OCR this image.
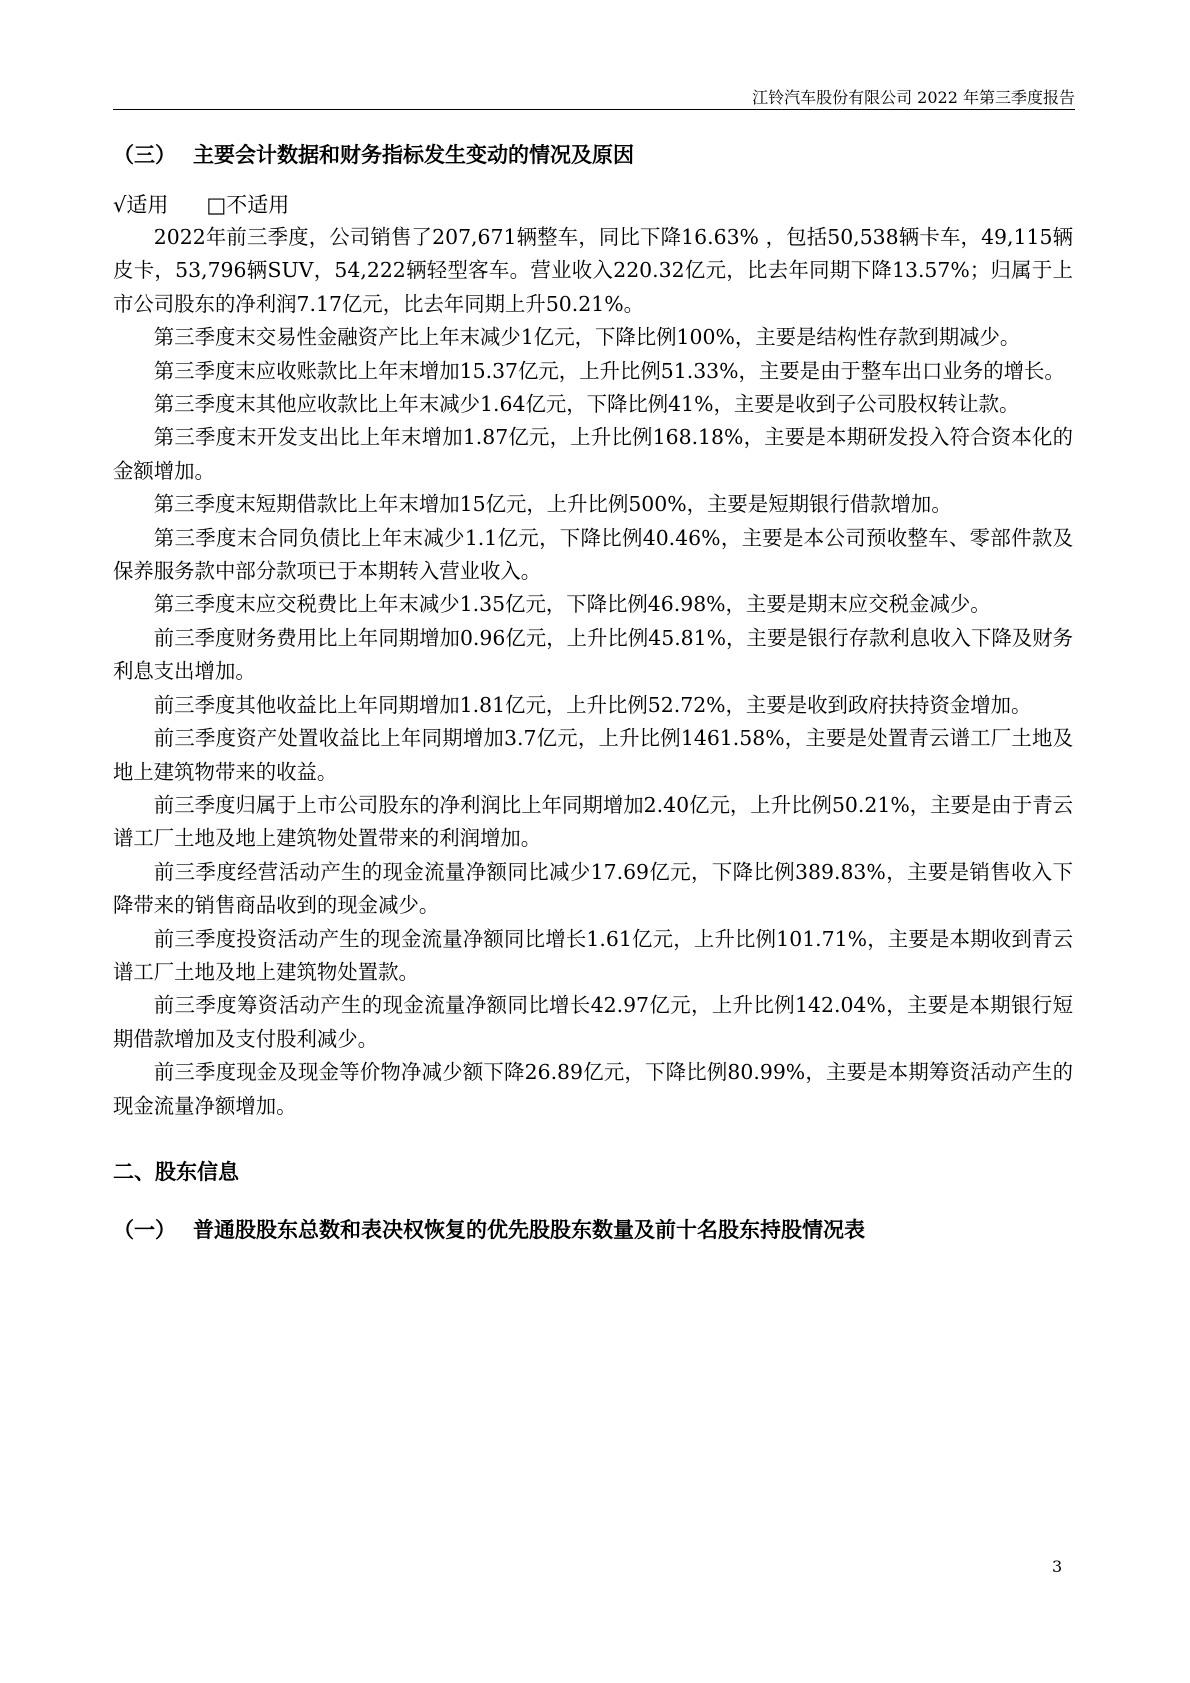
江铃汽车股份有限公司 2022 年第三季度报告
（三） 主要会计数据和财务指标发生变动的情况及原因
√适用 □不适用

2022年前三季度，公司销售了207,671辆整车，同比下降16.63% ，包括50,538辆卡车，49,115辆皮卡，53,796辆SUV，54,222辆轻型客车。营业收入220.32亿元，比去年同期下降13.57%；归属于上市公司股东的净利润7.17亿元，比去年同期上升50.21%。

第三季度末交易性金融资产比上年末减少1亿元，下降比例100%，主要是结构性存款到期减少。

第三季度末应收账款比上年末增加15.37亿元，上升比例51.33%，主要是由于整车出口业务的增长。

第三季度末其他应收款比上年末减少1.64亿元，下降比例41%，主要是收到子公司股权转让款。

第三季度末开发支出比上年末增加1.87亿元，上升比例168.18%，主要是本期研发投入符合资本化的金额增加。

第三季度末短期借款比上年末增加15亿元，上升比例500%，主要是短期银行借款增加。

第三季度末合同负债比上年末减少1.1亿元，下降比例40.46%，主要是本公司预收整车、零部件款及保养服务款中部分款项已于本期转入营业收入。

第三季度末应交税费比上年末减少1.35亿元，下降比例46.98%，主要是期末应交税金减少。

前三季度财务费用比上年同期增加0.96亿元，上升比例45.81%，主要是银行存款利息收入下降及财务利息支出增加。

前三季度其他收益比上年同期增加1.81亿元，上升比例52.72%，主要是收到政府扶持资金增加。

前三季度资产处置收益比上年同期增加3.7亿元，上升比例1461.58%，主要是处置青云谱工厂土地及地上建筑物带来的收益。

前三季度归属于上市公司股东的净利润比上年同期增加2.40亿元，上升比例50.21%，主要是由于青云谱工厂土地及地上建筑物处置带来的利润增加。

前三季度经营活动产生的现金流量净额同比减少17.69亿元，下降比例389.83%，主要是销售收入下降带来的销售商品收到的现金减少。

前三季度投资活动产生的现金流量净额同比增长1.61亿元，上升比例101.71%，主要是本期收到青云谱工厂土地及地上建筑物处置款。

前三季度筹资活动产生的现金流量净额同比增长42.97亿元，上升比例142.04%，主要是本期银行短期借款增加及支付股利减少。

前三季度现金及现金等价物净减少额下降26.89亿元，下降比例80.99%，主要是本期筹资活动产生的现金流量净额增加。

二、股东信息
（一） 普通股股东总数和表决权恢复的优先股股东数量及前十名股东持股情况表
3
